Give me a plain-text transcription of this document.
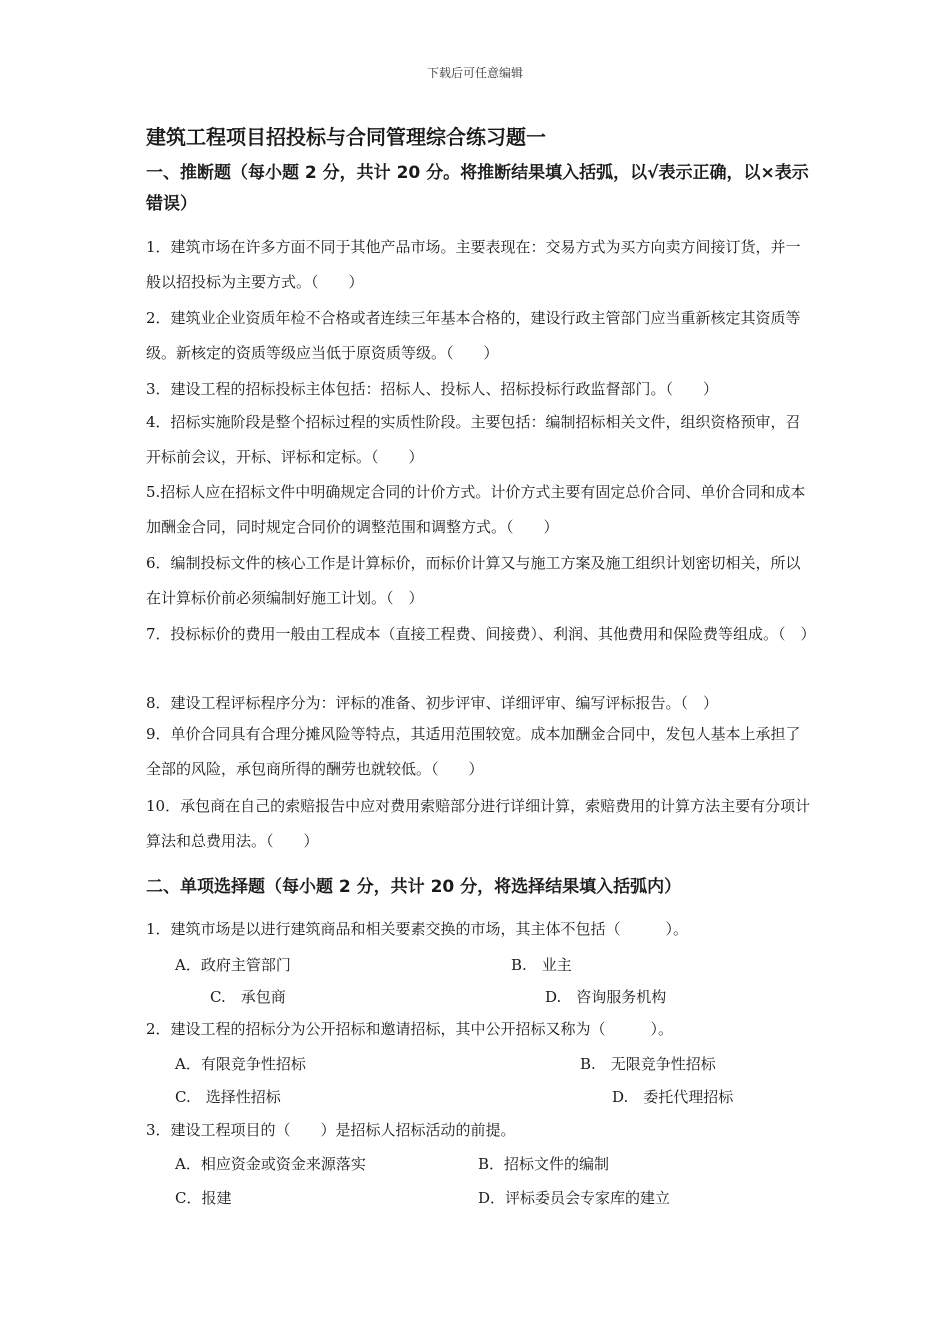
下载后可任意编辑
建筑工程项目招投标与合同管理综合练习题一
一、推断题（每小题 2 分，共计 20 分。将推断结果填入括弧，以√表示正确，以×表示错误）
1．建筑市场在许多方面不同于其他产品市场。主要表现在：交易方式为买方向卖方间接订货，并一般以招投标为主要方式。（　　）
2．建筑业企业资质年检不合格或者连续三年基本合格的，建设行政主管部门应当重新核定其资质等级。新核定的资质等级应当低于原资质等级。（　　）
3．建设工程的招标投标主体包括：招标人、投标人、招标投标行政监督部门。（　　）
4．招标实施阶段是整个招标过程的实质性阶段。主要包括：编制招标相关文件，组织资格预审，召开标前会议，开标、评标和定标。（　　）
5.招标人应在招标文件中明确规定合同的计价方式。计价方式主要有固定总价合同、单价合同和成本加酬金合同，同时规定合同价的调整范围和调整方式。（　　）
6．编制投标文件的核心工作是计算标价，而标价计算又与施工方案及施工组织计划密切相关，所以在计算标价前必须编制好施工计划。（　）
7．投标标价的费用一般由工程成本（直接工程费、间接费）、利润、其他费用和保险费等组成。（　）
8．建设工程评标程序分为：评标的准备、初步评审、详细评审、编写评标报告。（　）
9．单价合同具有合理分摊风险等特点，其适用范围较宽。成本加酬金合同中，发包人基本上承担了全部的风险，承包商所得的酬劳也就较低。（　　）
10．承包商在自己的索赔报告中应对费用索赔部分进行详细计算，索赔费用的计算方法主要有分项计算法和总费用法。（　　）
二、单项选择题（每小题 2 分，共计 20 分，将选择结果填入括弧内）
1．建筑市场是以进行建筑商品和相关要素交换的市场，其主体不包括（　　　）。
A．政府主管部门	B.　业主
C.　承包商	D.　咨询服务机构
2．建设工程的招标分为公开招标和邀请招标，其中公开招标又称为（　　　）。
A．有限竞争性招标	B.　无限竞争性招标
C.　选择性招标	D.　委托代理招标
3．建设工程项目的（　　）是招标人招标活动的前提。
A．相应资金或资金来源落实	B．招标文件的编制
C．报建	D．评标委员会专家库的建立
